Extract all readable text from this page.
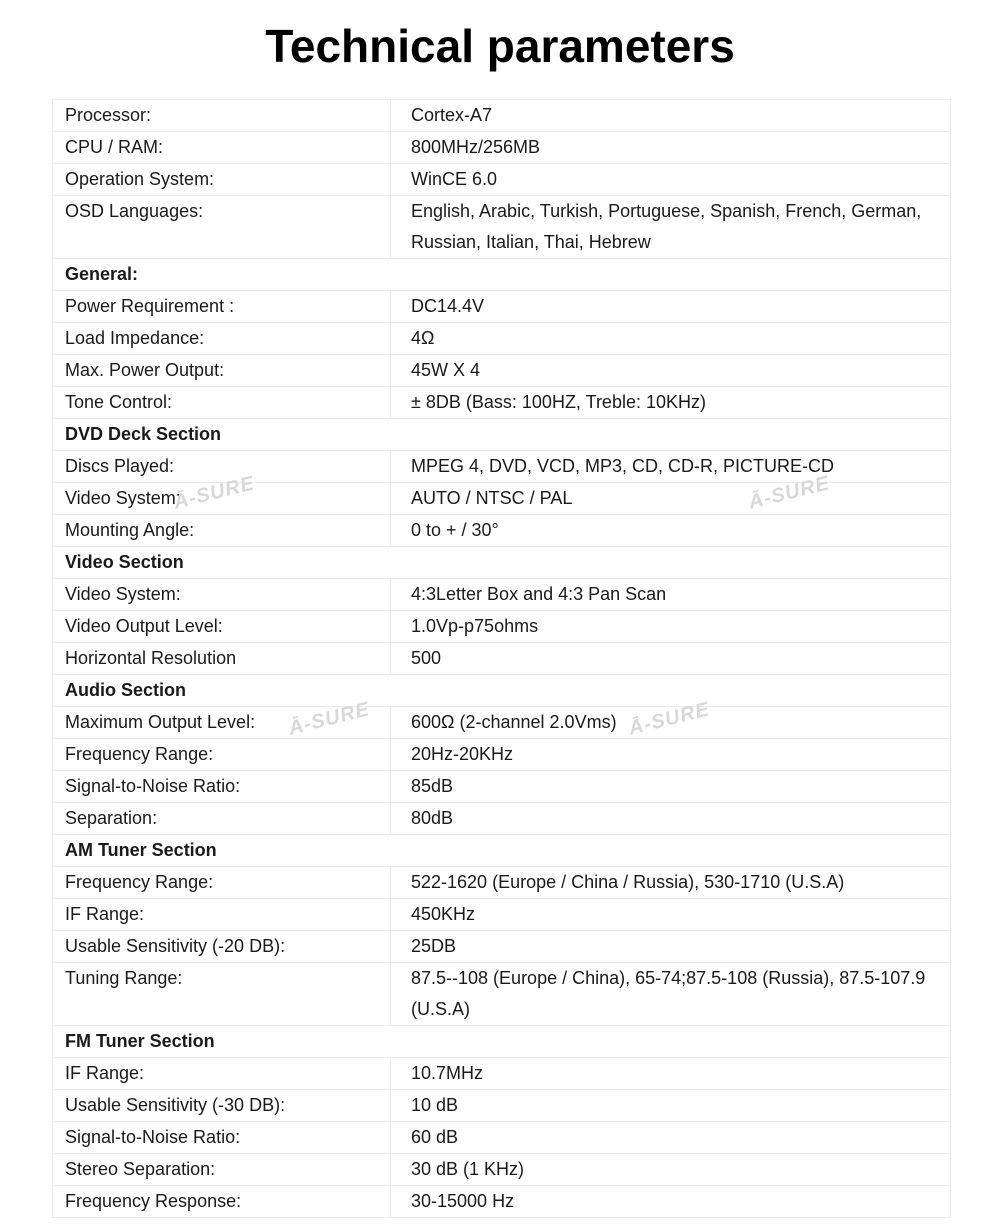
Technical parameters
Processor:	Cortex-A7
CPU / RAM:	800MHz/256MB
Operation System:	WinCE 6.0
OSD Languages:	English, Arabic, Turkish, Portuguese, Spanish, French, German, Russian, Italian, Thai, Hebrew
General:	
Power Requirement :	DC14.4V
Load Impedance:	4Ω
Max. Power Output:	45W X 4
Tone Control:	± 8DB (Bass: 100HZ, Treble: 10KHz)
DVD Deck Section	
Discs Played:	MPEG 4, DVD, VCD, MP3, CD, CD-R, PICTURE-CD
Video System:	AUTO / NTSC / PAL
Mounting Angle:	0 to + / 30°
Video Section	
Video System:	4:3Letter Box and 4:3 Pan Scan
Video Output Level:	1.0Vp-p75ohms
Horizontal Resolution	500
Audio Section	
Maximum Output Level:	600Ω (2-channel 2.0Vms)
Frequency Range:	20Hz-20KHz
Signal-to-Noise Ratio:	85dB
Separation:	80dB
AM Tuner Section	
Frequency Range:	522-1620 (Europe / China / Russia), 530-1710 (U.S.A)
IF Range:	450KHz
Usable Sensitivity (-20 DB):	25DB
Tuning Range:	87.5--108 (Europe / China), 65-74;87.5-108 (Russia), 87.5-107.9 (U.S.A)
FM Tuner Section	
IF Range:	10.7MHz
Usable Sensitivity (-30 DB):	10 dB
Signal-to-Noise Ratio:	60 dB
Stereo Separation:	30 dB (1 KHz)
Frequency Response:	30-15000 Hz
Ā-SURE	Ā-SURE
Ā-SURE	Ā-SURE
